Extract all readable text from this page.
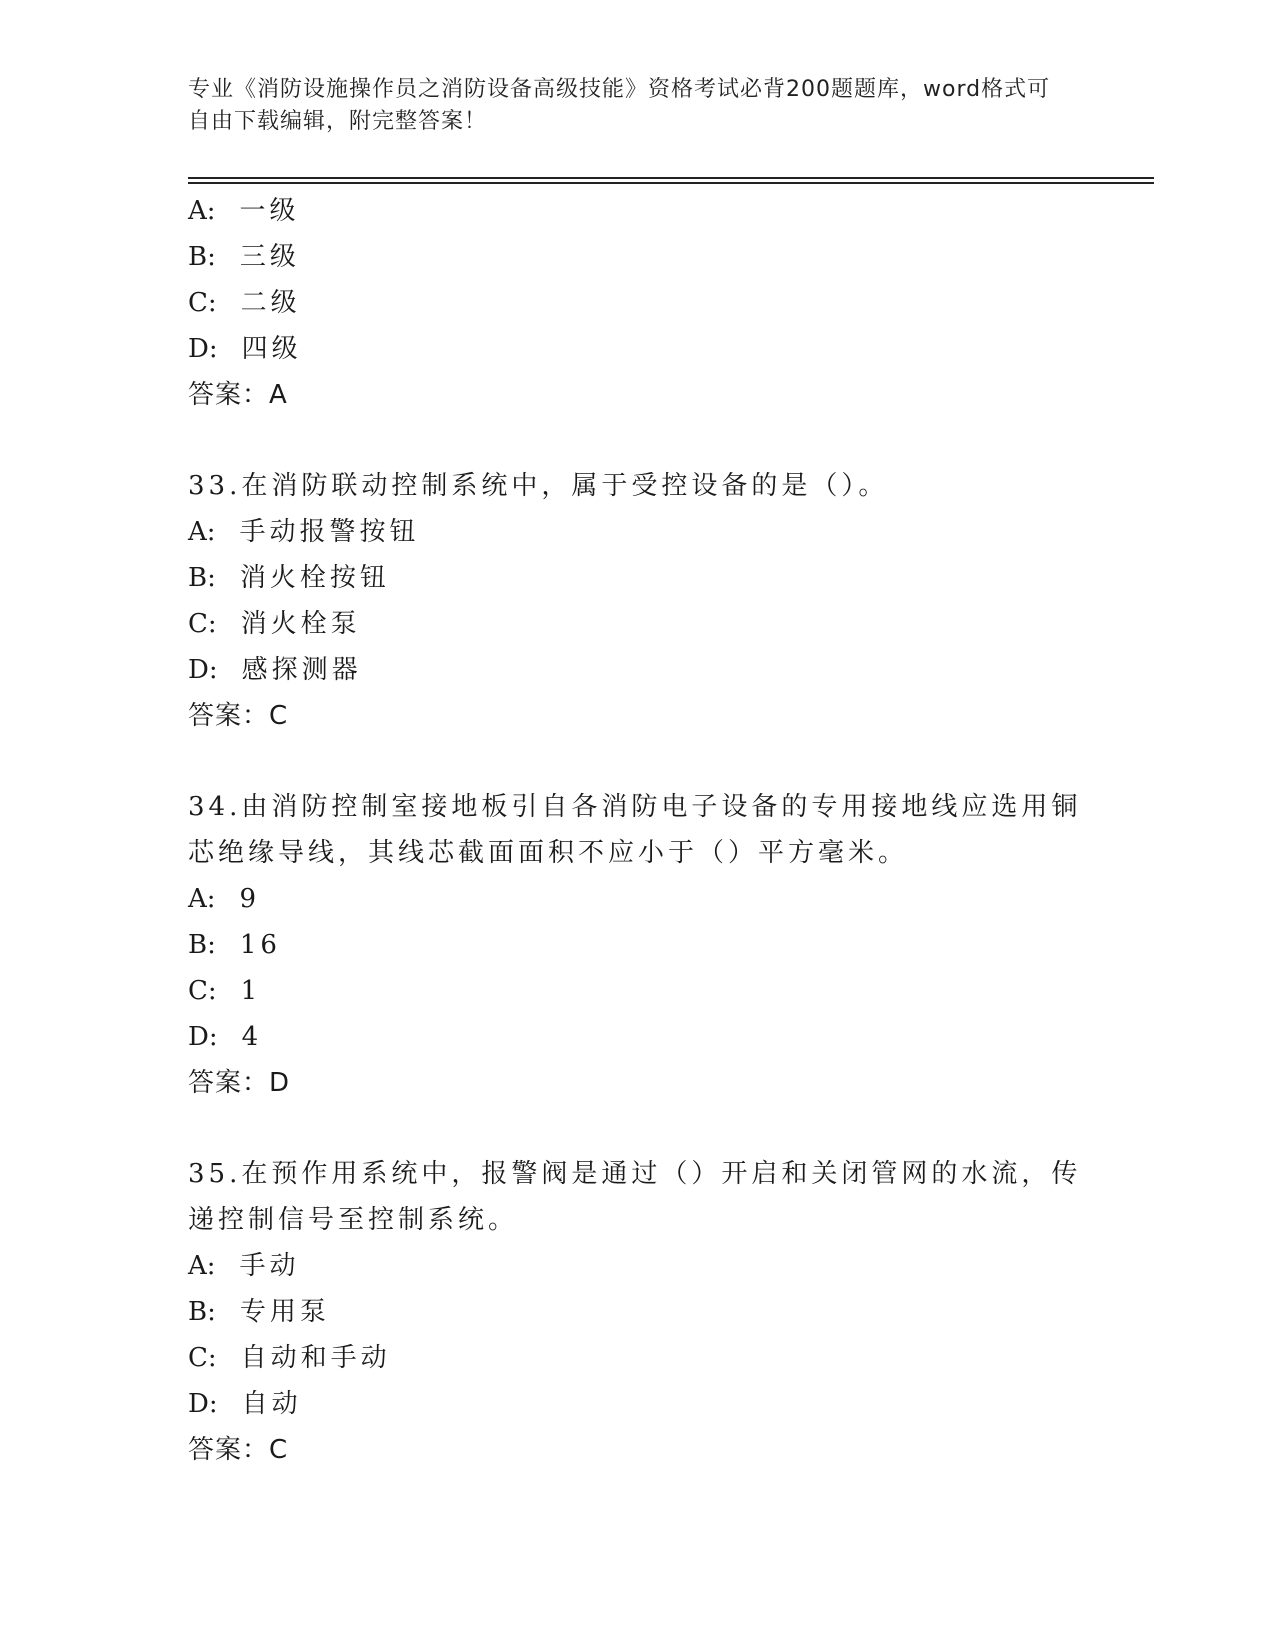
专业《消防设施操作员之消防设备高级技能》资格考试必背200题题库，word格式可自由下载编辑，附完整答案！
A: 一级
B: 三级
C: 二级
D: 四级
答案：A
33.在消防联动控制系统中，属于受控设备的是（）。
A: 手动报警按钮
B: 消火栓按钮
C: 消火栓泵
D: 感探测器
答案：C
34.由消防控制室接地板引自各消防电子设备的专用接地线应选用铜芯绝缘导线，其线芯截面面积不应小于（）平方毫米。
A: 9
B: 16
C: 1
D: 4
答案：D
35.在预作用系统中，报警阀是通过（）开启和关闭管网的水流，传递控制信号至控制系统。
A: 手动
B: 专用泵
C: 自动和手动
D: 自动
答案：C
